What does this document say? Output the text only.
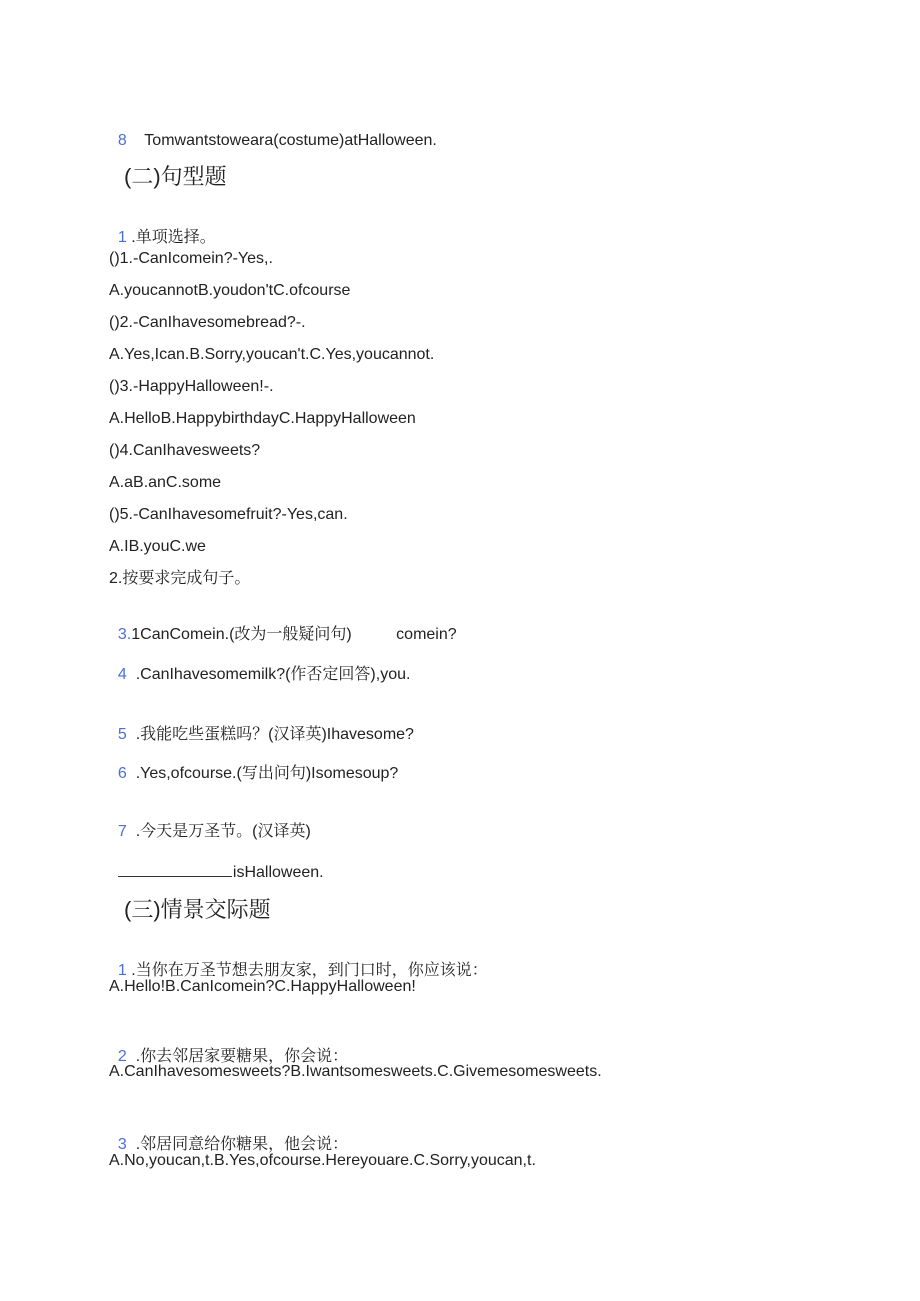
8 Tomwantstoweara(costume)atHalloween.

(二)句型题

1 .单项选择。

()1.-CanIcomein?-Yes,.
A.youcannotB.youdon'tC.ofcourse
()2.-CanIhavesomebread?-.
A.Yes,Ican.B.Sorry,youcan't.C.Yes,youcannot.
()3.-HappyHalloween!-.
A.HelloB.HappybirthdayC.HappyHalloween
()4.CanIhavesweets?
A.aB.anC.some
()5.-CanIhavesomefruit?-Yes,can.
A.IB.youC.we
2.按要求完成句子。

3.1CanComein.(改为一般疑问句)          comein?

4  .CanIhavesomemilk?(作否定回答),you.

5  .我能吃些蛋糕吗？(汉译英)Ihavesome?

6  .Yes,ofcourse.(写出问句)Isomesoup?

7  .今天是万圣节。(汉译英)

isHalloween.

(三)情景交际题

1 .当你在万圣节想去朋友家，到门口时，你应该说：

A.Hello!B.CanIcomein?C.HappyHalloween!

2  .你去邻居家要糖果，你会说：

A.CanIhavesomesweets?B.Iwantsomesweets.C.Givemesomesweets.

3  .邻居同意给你糖果，他会说：

A.No,youcan,t.B.Yes,ofcourse.Hereyouare.C.Sorry,youcan,t.
